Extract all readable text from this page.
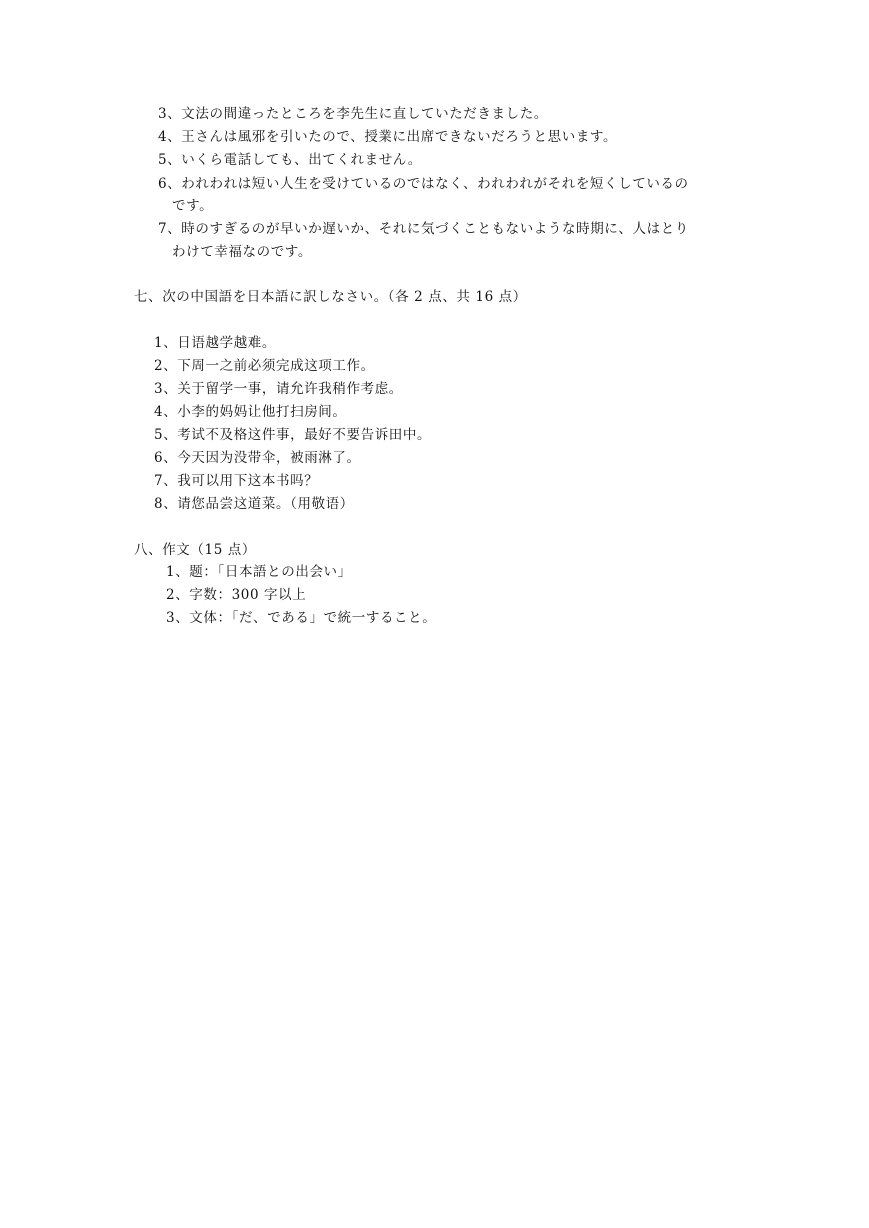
3、文法の間違ったところを李先生に直していただきました。
4、王さんは風邪を引いたので、授業に出席できないだろうと思います。
5、いくら電話しても、出てくれません。
6、われわれは短い人生を受けているのではなく、われわれがそれを短くしているの
です。
7、時のすぎるのが早いか遅いか、それに気づくこともないような時期に、人はとり
わけて幸福なのです。
七、次の中国語を日本語に訳しなさい。（各 2 点、共 16 点）
1、日语越学越难。
2、下周一之前必须完成这项工作。
3、关于留学一事，请允许我稍作考虑。
4、小李的妈妈让他打扫房间。
5、考试不及格这件事，最好不要告诉田中。
6、今天因为没带伞，被雨淋了。
7、我可以用下这本书吗？
8、请您品尝这道菜。（用敬语）
八、作文（15 点）
1、题：「日本語との出会い」
2、字数：300 字以上
3、文体：「だ、である」で統一すること。
